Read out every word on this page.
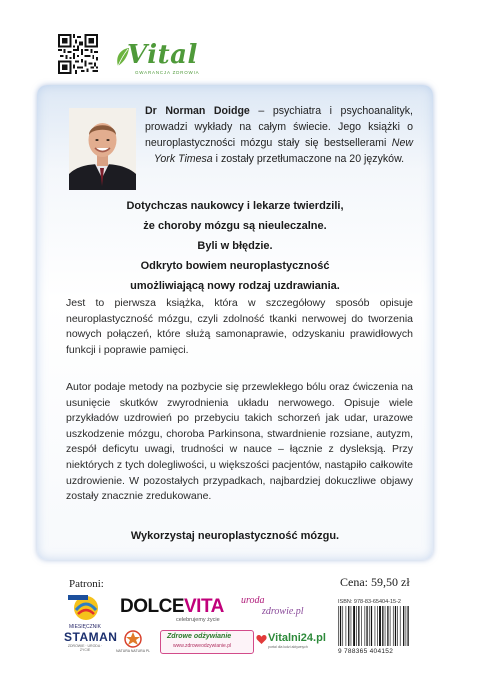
Vital
GWARANCJA ZDROWIA
Dr Norman Doidge – psychiatra i psychoanalityk, prowadzi wykłady na całym świecie. Jego książki o neuroplastyczności mózgu stały się bestsellerami New York Timesa i zostały przetłumaczone na 20 języków.
Dotychczas naukowcy i lekarze twierdzili,
że choroby mózgu są nieuleczalne.
Byli w błędzie.
Odkryto bowiem neuroplastyczność
umożliwiającą nowy rodzaj uzdrawiania.
Jest to pierwsza książka, która w szczegółowy sposób opisuje neuroplastyczność mózgu, czyli zdolność tkanki nerwowej do tworzenia nowych połączeń, które służą samonaprawie, odzyskaniu prawidłowych funkcji i poprawie pamięci.
Autor podaje metody na pozbycie się przewlekłego bólu oraz ćwiczenia na usunięcie skutków zwyrodnienia układu nerwowego. Opisuje wiele przykładów uzdrowień po przebyciu takich schorzeń jak udar, urazowe uszkodzenie mózgu, choroba Parkinsona, stwardnienie rozsiane, autyzm, zespół deficytu uwagi, trudności w nauce – łącznie z dysleksją. Przy niektórych z tych dolegliwości, u większości pacjentów, nastąpiło całkowite uzdrowienie. W pozostałych przypadkach, najbardziej dokuczliwe objawy zostały znacznie zredukowane.
Wykorzystaj neuroplastyczność mózgu.
Patroni:	Cena: 59,50 zł
ISBN: 978-83-65404-15-2
9 788365 404152
DOLCEVITA
celebrujemy życie
uroda
zdrowie.pl
MIESIĘCZNIK
STAMAN
ZDROWIE · URODA · ŻYCIE	NATURA NATURA PL
Zdrowe odżywianie
www.zdroweodzywianie.pl
Vitalni24.pl
portal dla ludzi aktywnych
